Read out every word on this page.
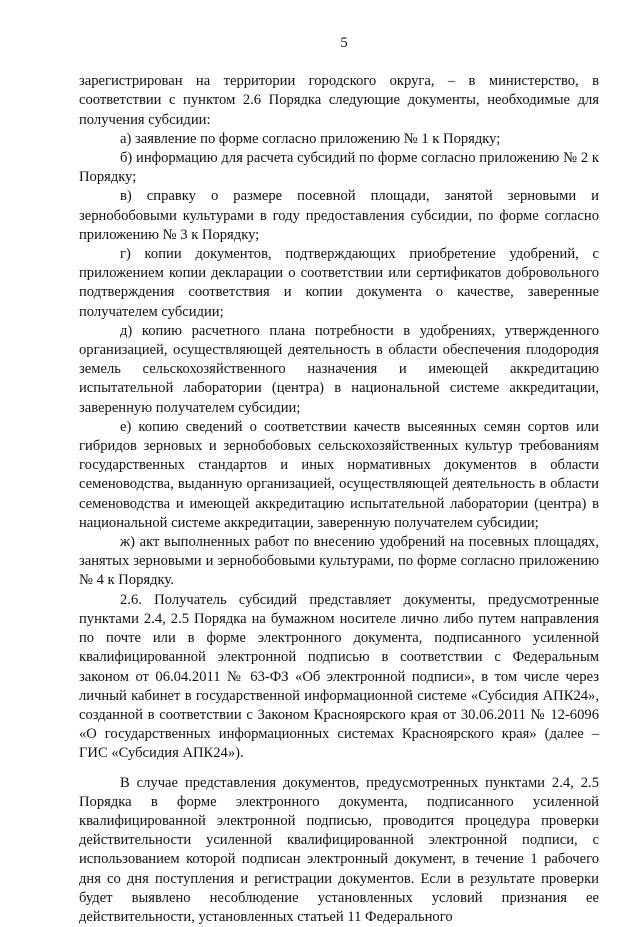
5

зарегистрирован на территории городского округа, – в министерство, в соответствии с пунктом 2.6 Порядка следующие документы, необходимые для получения субсидии:

а) заявление по форме согласно приложению № 1 к Порядку;

б) информацию для расчета субсидий по форме согласно приложению № 2 к Порядку;

в) справку о размере посевной площади, занятой зерновыми и зернобобовыми культурами в году предоставления субсидии, по форме согласно приложению № 3 к Порядку;

г) копии документов, подтверждающих приобретение удобрений, с приложением копии декларации о соответствии или сертификатов добровольного подтверждения соответствия и копии документа о качестве, заверенные получателем субсидии;

д) копию расчетного плана потребности в удобрениях, утвержденного организацией, осуществляющей деятельность в области обеспечения плодородия земель сельскохозяйственного назначения и имеющей аккредитацию испытательной лаборатории (центра) в национальной системе аккредитации, заверенную получателем субсидии;

е) копию сведений о соответствии качеств высеянных семян сортов или гибридов зерновых и зернобобовых сельскохозяйственных культур требованиям государственных стандартов и иных нормативных документов в области семеноводства, выданную организацией, осуществляющей деятельность в области семеноводства и имеющей аккредитацию испытательной лаборатории (центра) в национальной системе аккредитации, заверенную получателем субсидии;

ж) акт выполненных работ по внесению удобрений на посевных площадях, занятых зерновыми и зернобобовыми культурами, по форме согласно приложению № 4 к Порядку.

2.6. Получатель субсидий представляет документы, предусмотренные пунктами 2.4, 2.5 Порядка на бумажном носителе лично либо путем направления по почте или в форме электронного документа, подписанного усиленной квалифицированной электронной подписью в соответствии с Федеральным законом от 06.04.2011 № 63-ФЗ «Об электронной подписи», в том числе через личный кабинет в государственной информационной системе «Субсидия АПК24», созданной в соответствии с Законом Красноярского края от 30.06.2011 № 12-6096 «О государственных информационных системах Красноярского края» (далее – ГИС «Субсидия АПК24»).

В случае представления документов, предусмотренных пунктами 2.4, 2.5 Порядка в форме электронного документа, подписанного усиленной квалифицированной электронной подписью, проводится процедура проверки действительности усиленной квалифицированной электронной подписи, с использованием которой подписан электронный документ, в течение 1 рабочего дня со дня поступления и регистрации документов. Если в результате проверки будет выявлено несоблюдение установленных условий признания ее действительности, установленных статьей 11 Федерального
